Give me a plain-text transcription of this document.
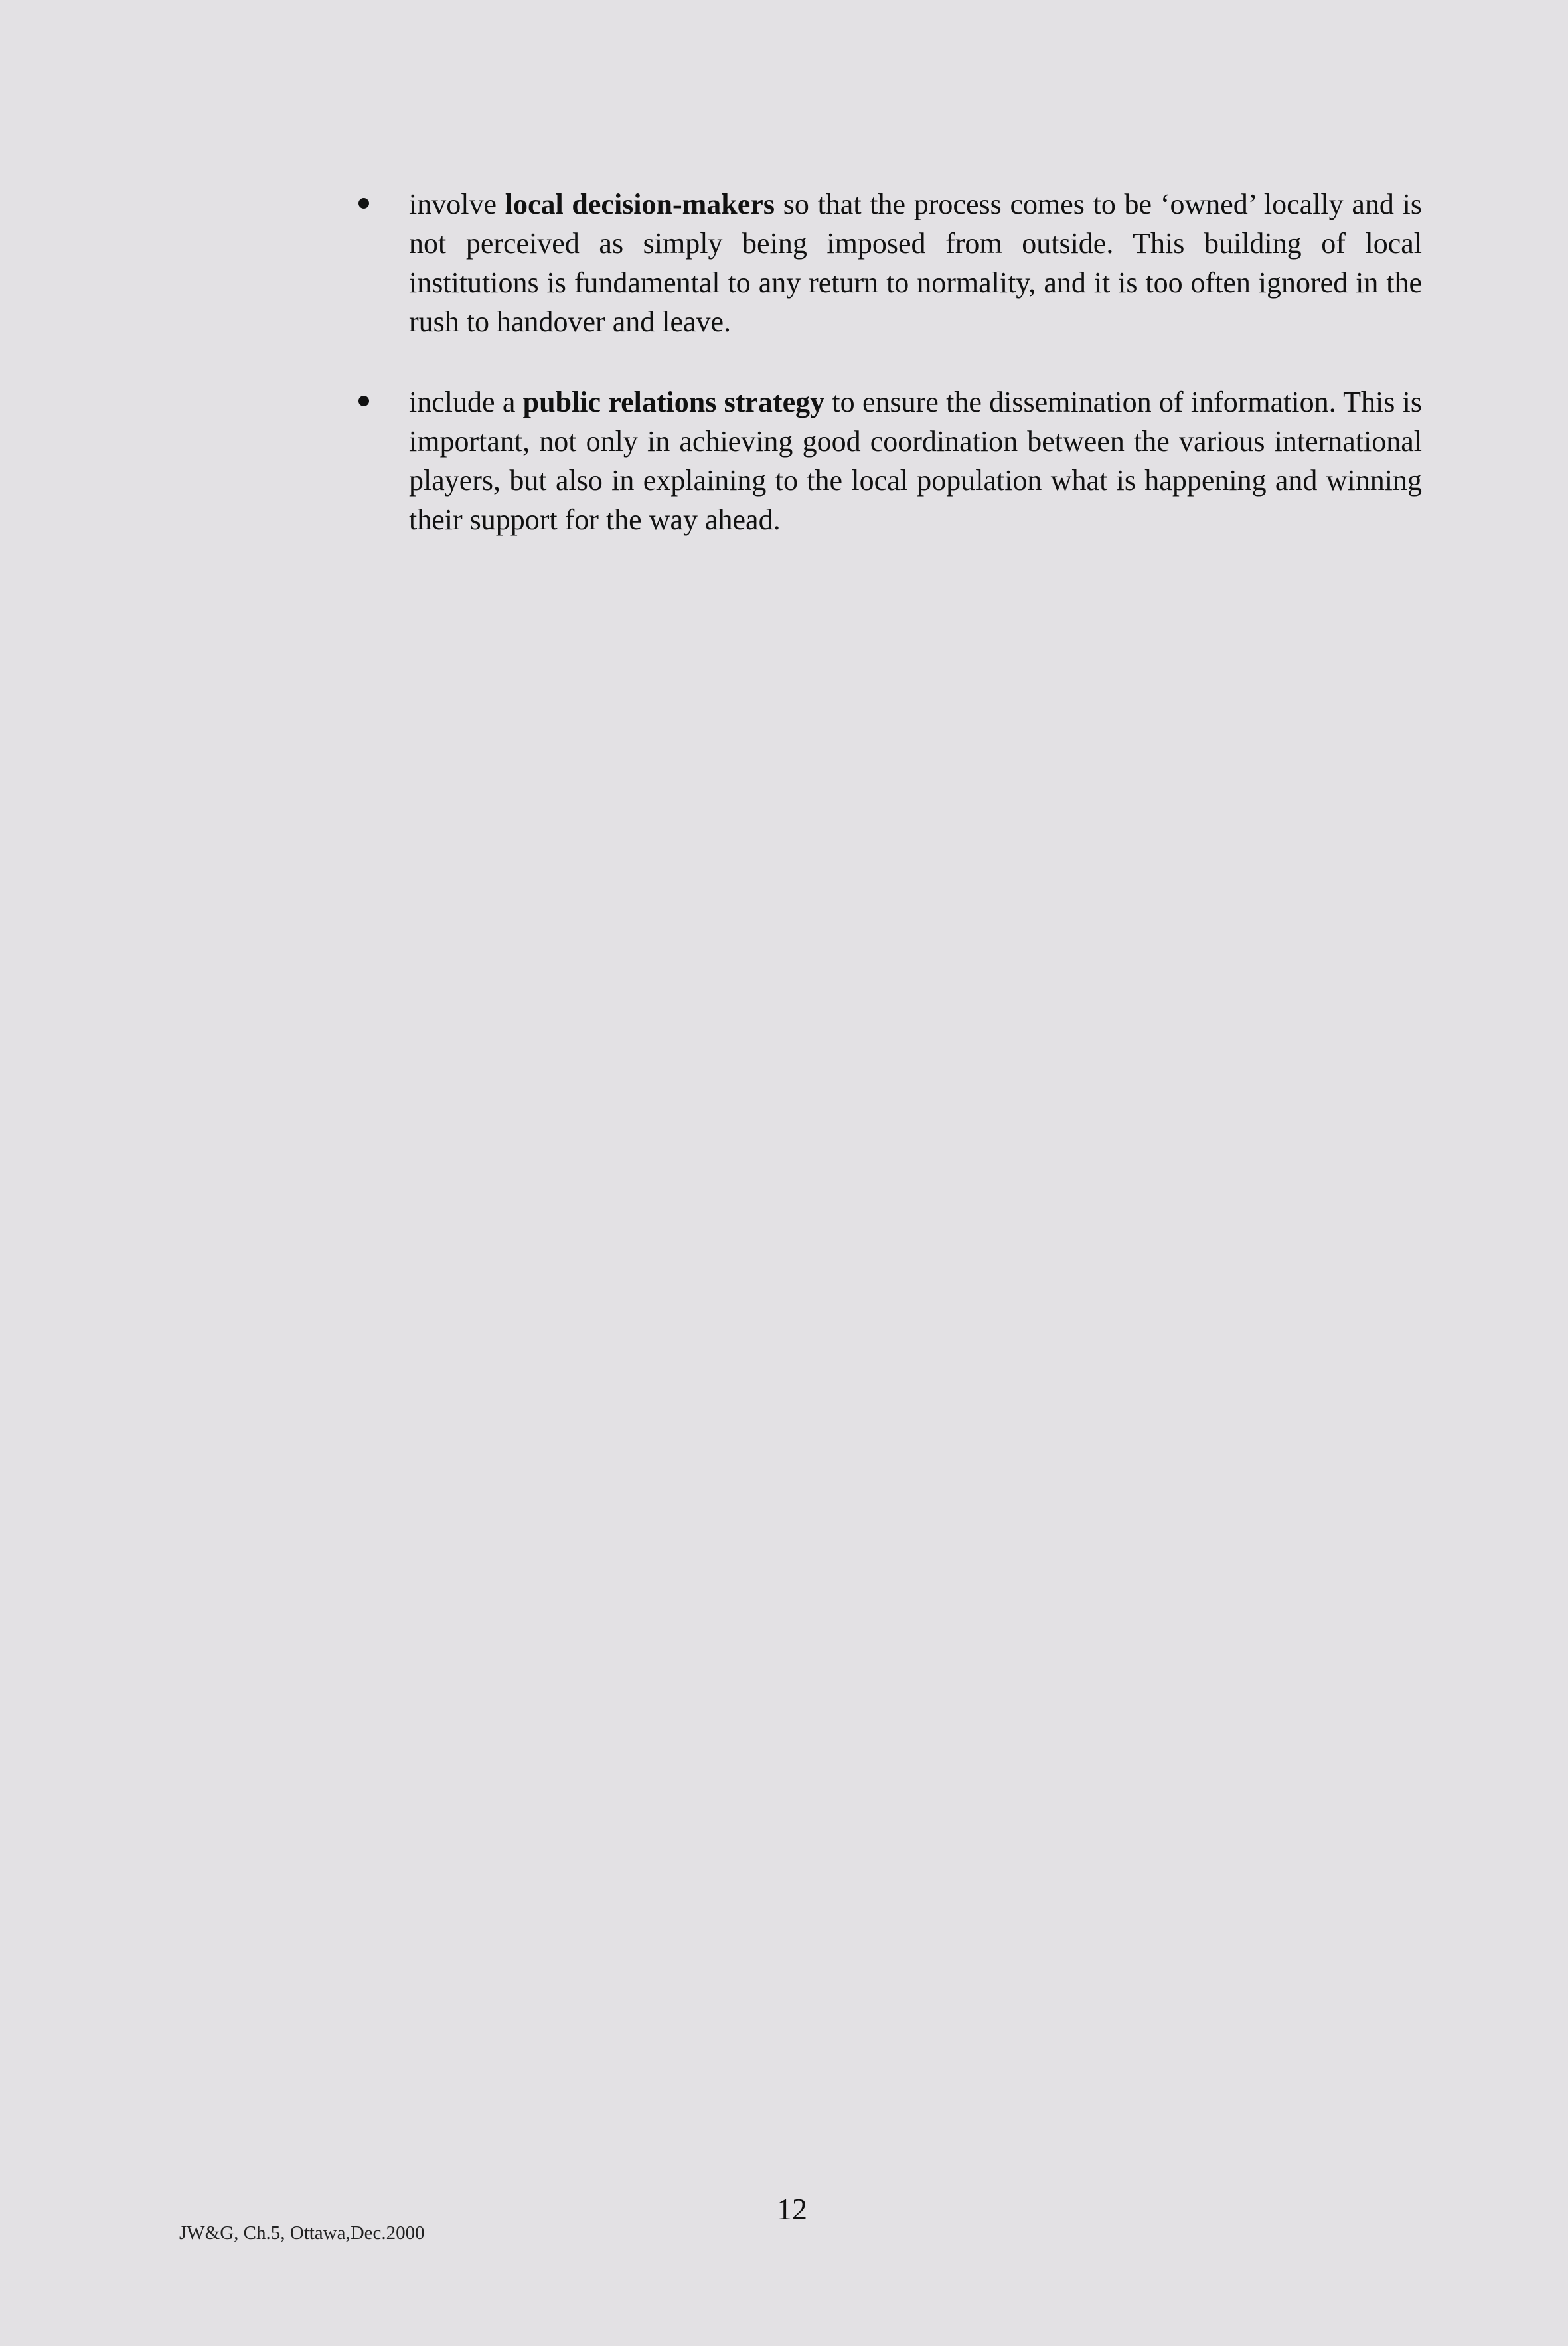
involve local decision-makers so that the process comes to be ‘owned’ locally and is not perceived as simply being imposed from outside. This building of local institutions is fundamental to any return to normality, and it is too often ignored in the rush to handover and leave.
include a public relations strategy to ensure the dissemination of information. This is important, not only in achieving good coordination between the various international players, but also in explaining to the local population what is happening and winning their support for the way ahead.
12
JW&G, Ch.5, Ottawa,Dec.2000
